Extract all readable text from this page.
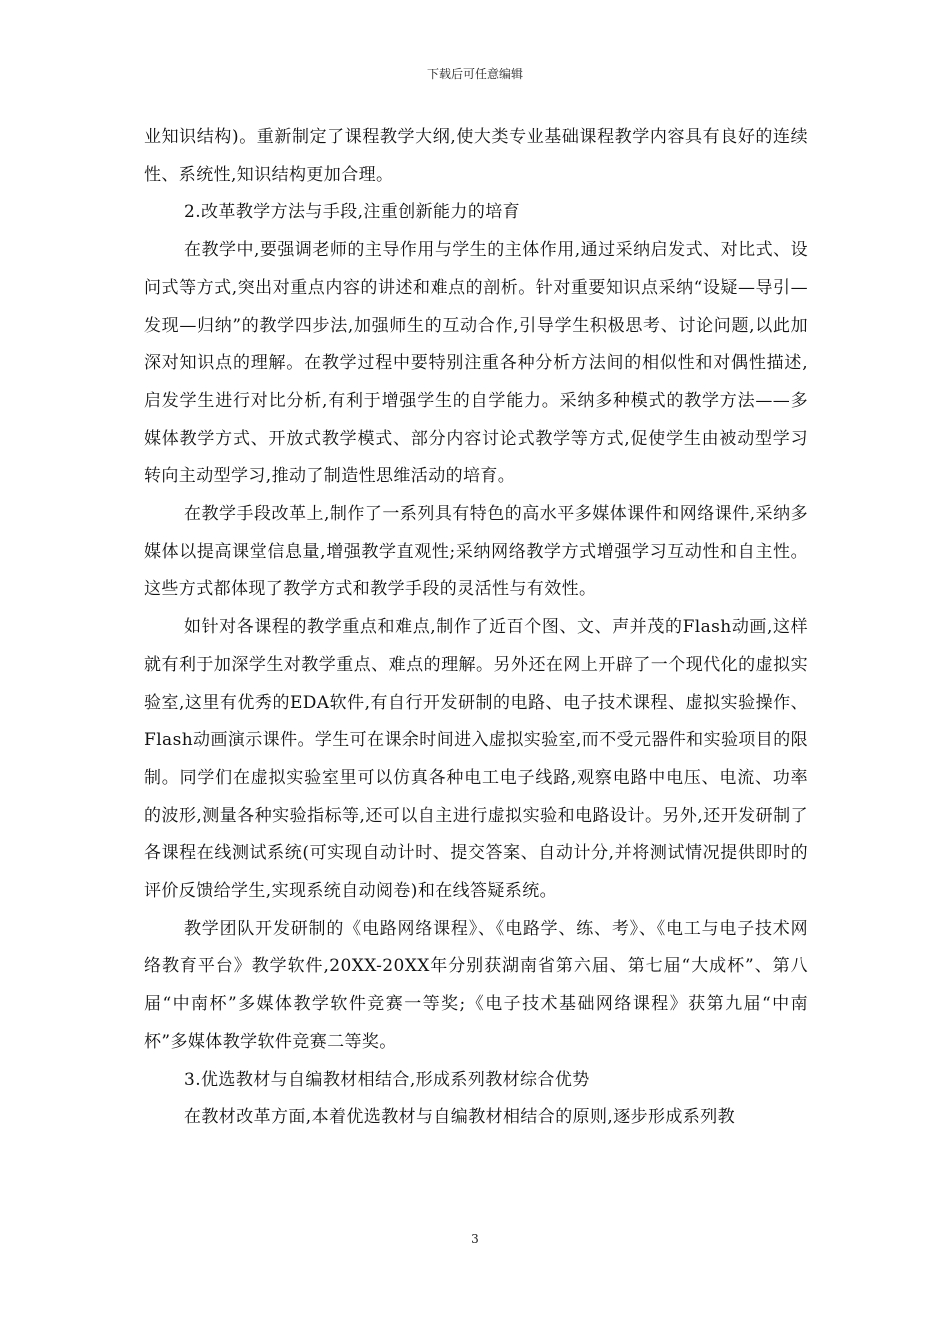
下载后可任意编辑

业知识结构)。重新制定了课程教学大纲,使大类专业基础课程教学内容具有良好的连续性、系统性,知识结构更加合理。

2.改革教学方法与手段,注重创新能力的培育

在教学中,要强调老师的主导作用与学生的主体作用,通过采纳启发式、对比式、设问式等方式,突出对重点内容的讲述和难点的剖析。针对重要知识点采纳“设疑—导引—发现—归纳”的教学四步法,加强师生的互动合作,引导学生积极思考、讨论问题,以此加深对知识点的理解。在教学过程中要特别注重各种分析方法间的相似性和对偶性描述,启发学生进行对比分析,有利于增强学生的自学能力。采纳多种模式的教学方法——多媒体教学方式、开放式教学模式、部分内容讨论式教学等方式,促使学生由被动型学习转向主动型学习,推动了制造性思维活动的培育。

在教学手段改革上,制作了一系列具有特色的高水平多媒体课件和网络课件,采纳多媒体以提高课堂信息量,增强教学直观性;采纳网络教学方式增强学习互动性和自主性。这些方式都体现了教学方式和教学手段的灵活性与有效性。

如针对各课程的教学重点和难点,制作了近百个图、文、声并茂的Flash动画,这样就有利于加深学生对教学重点、难点的理解。另外还在网上开辟了一个现代化的虚拟实验室,这里有优秀的EDA软件,有自行开发研制的电路、电子技术课程、虚拟实验操作、Flash动画演示课件。学生可在课余时间进入虚拟实验室,而不受元器件和实验项目的限制。同学们在虚拟实验室里可以仿真各种电工电子线路,观察电路中电压、电流、功率的波形,测量各种实验指标等,还可以自主进行虚拟实验和电路设计。另外,还开发研制了各课程在线测试系统(可实现自动计时、提交答案、自动计分,并将测试情况提供即时的评价反馈给学生,实现系统自动阅卷)和在线答疑系统。

教学团队开发研制的《电路网络课程》、《电路学、练、考》、《电工与电子技术网络教育平台》教学软件,20XX-20XX年分别获湖南省第六届、第七届“大成杯”、第八届“中南杯”多媒体教学软件竞赛一等奖;《电子技术基础网络课程》获第九届“中南杯”多媒体教学软件竞赛二等奖。

3.优选教材与自编教材相结合,形成系列教材综合优势

在教材改革方面,本着优选教材与自编教材相结合的原则,逐步形成系列教

3
